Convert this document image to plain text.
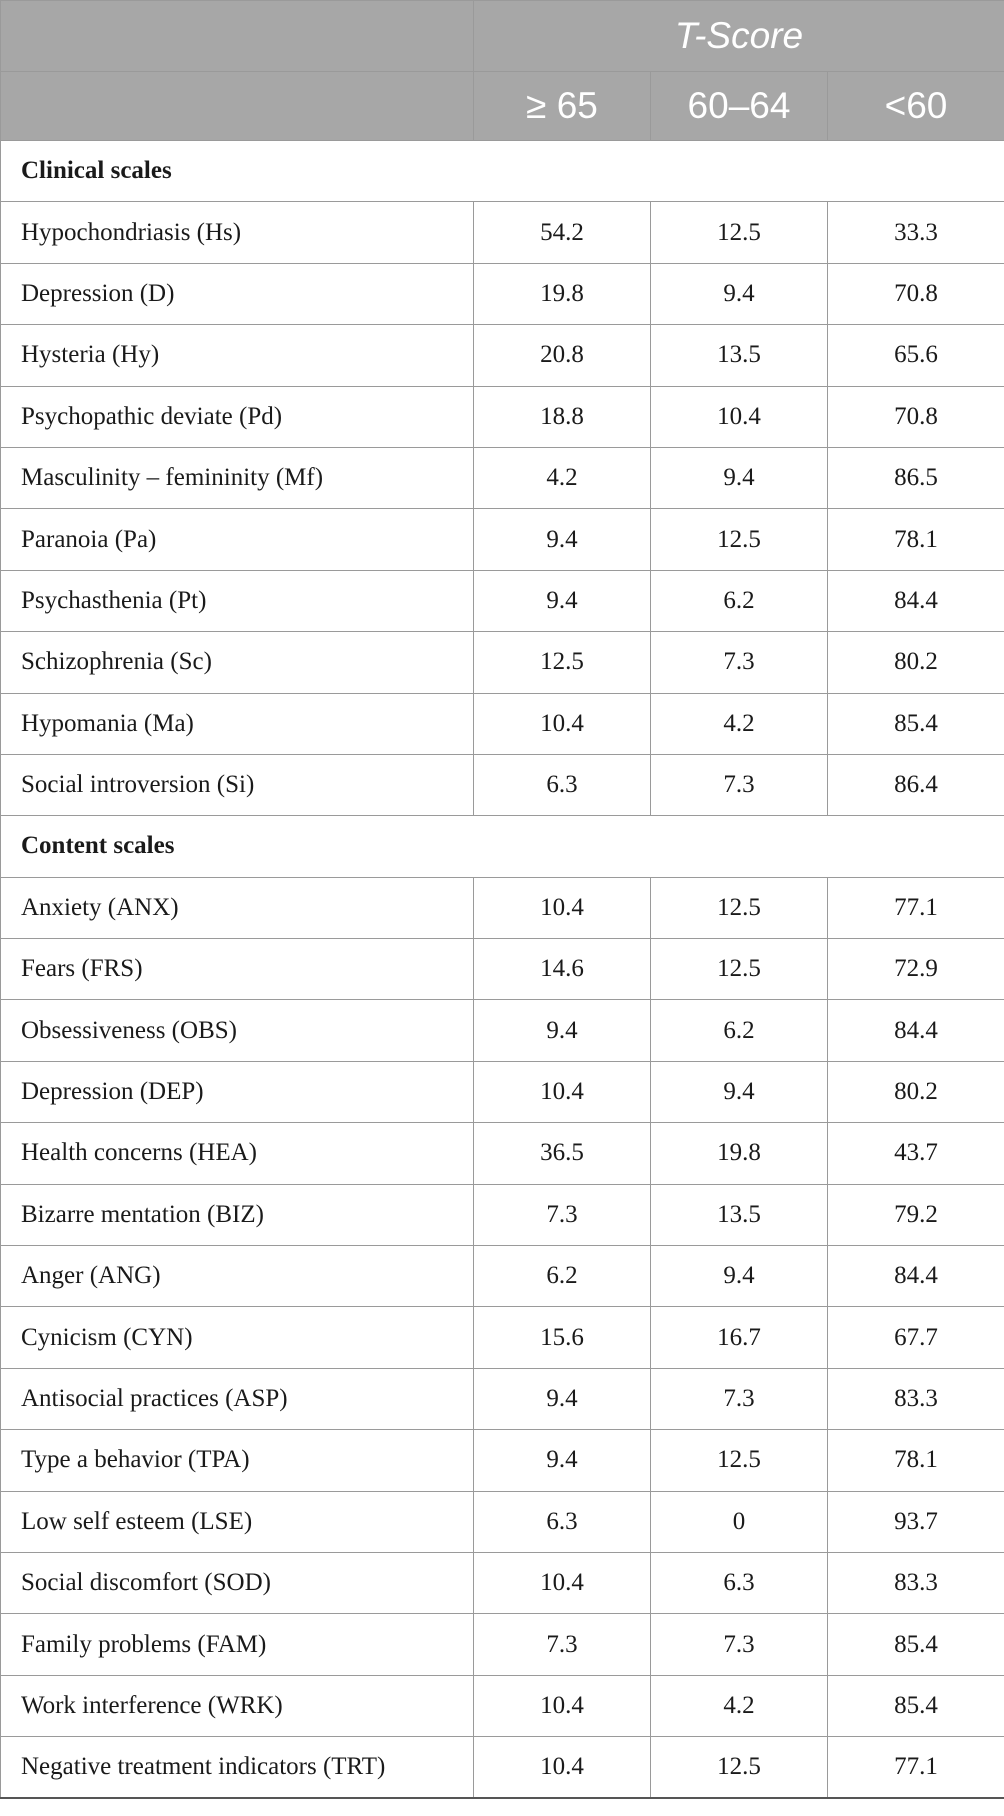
	T-Score		
	≥ 65	60–64	<60
Clinical scales			
Hypochondriasis (Hs)	54.2	12.5	33.3
Depression (D)	19.8	9.4	70.8
Hysteria (Hy)	20.8	13.5	65.6
Psychopathic deviate (Pd)	18.8	10.4	70.8
Masculinity – femininity (Mf)	4.2	9.4	86.5
Paranoia (Pa)	9.4	12.5	78.1
Psychasthenia (Pt)	9.4	6.2	84.4
Schizophrenia (Sc)	12.5	7.3	80.2
Hypomania (Ma)	10.4	4.2	85.4
Social introversion (Si)	6.3	7.3	86.4
Content scales			
Anxiety (ANX)	10.4	12.5	77.1
Fears (FRS)	14.6	12.5	72.9
Obsessiveness (OBS)	9.4	6.2	84.4
Depression (DEP)	10.4	9.4	80.2
Health concerns (HEA)	36.5	19.8	43.7
Bizarre mentation (BIZ)	7.3	13.5	79.2
Anger (ANG)	6.2	9.4	84.4
Cynicism (CYN)	15.6	16.7	67.7
Antisocial practices (ASP)	9.4	7.3	83.3
Type a behavior (TPA)	9.4	12.5	78.1
Low self esteem (LSE)	6.3	0	93.7
Social discomfort (SOD)	10.4	6.3	83.3
Family problems (FAM)	7.3	7.3	85.4
Work interference (WRK)	10.4	4.2	85.4
Negative treatment indicators (TRT)	10.4	12.5	77.1
